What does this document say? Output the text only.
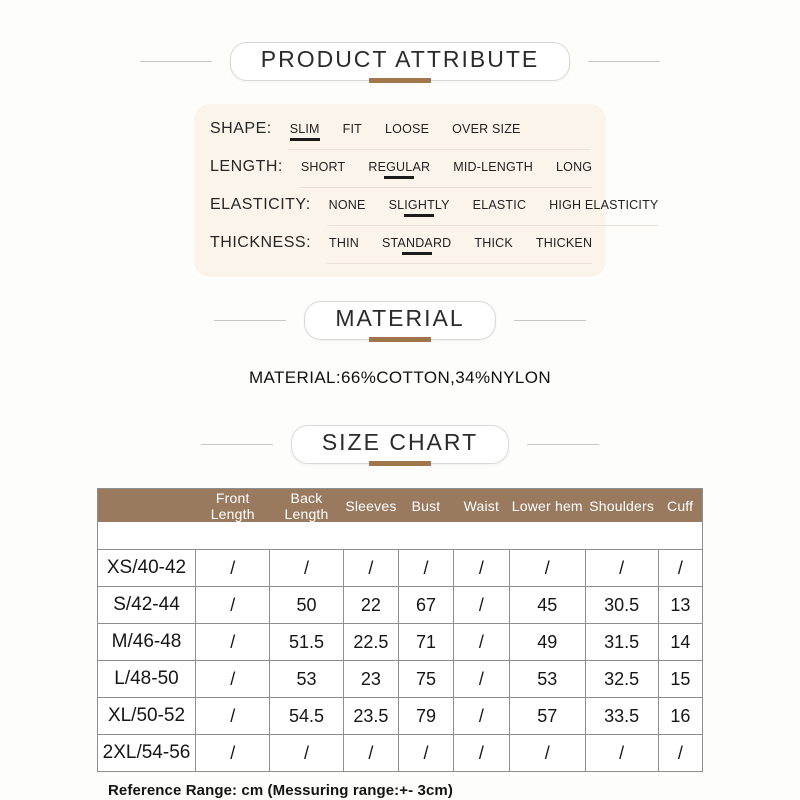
PRODUCT ATTRIBUTE
SHAPE: SLIM FIT LOOSE OVER SIZE
LENGTH: SHORT REGULAR MID-LENGTH LONG
ELASTICITY: NONE SLIGHTLY ELASTIC HIGH ELASTICITY
THICKNESS: THIN STANDARD THICK THICKEN
MATERIAL
MATERIAL:66%COTTON,34%NYLON
SIZE CHART
	Front Length	Back Length	Sleeves	Bust	Waist	Lower hem	Shoulders	Cuff

XS/40-42	/	/	/	/	/	/	/	/
S/42-44	/	50	22	67	/	45	30.5	13
M/46-48	/	51.5	22.5	71	/	49	31.5	14
L/48-50	/	53	23	75	/	53	32.5	15
XL/50-52	/	54.5	23.5	79	/	57	33.5	16
2XL/54-56	/	/	/	/	/	/	/	/
Reference Range: cm (Messuring range:+- 3cm)
